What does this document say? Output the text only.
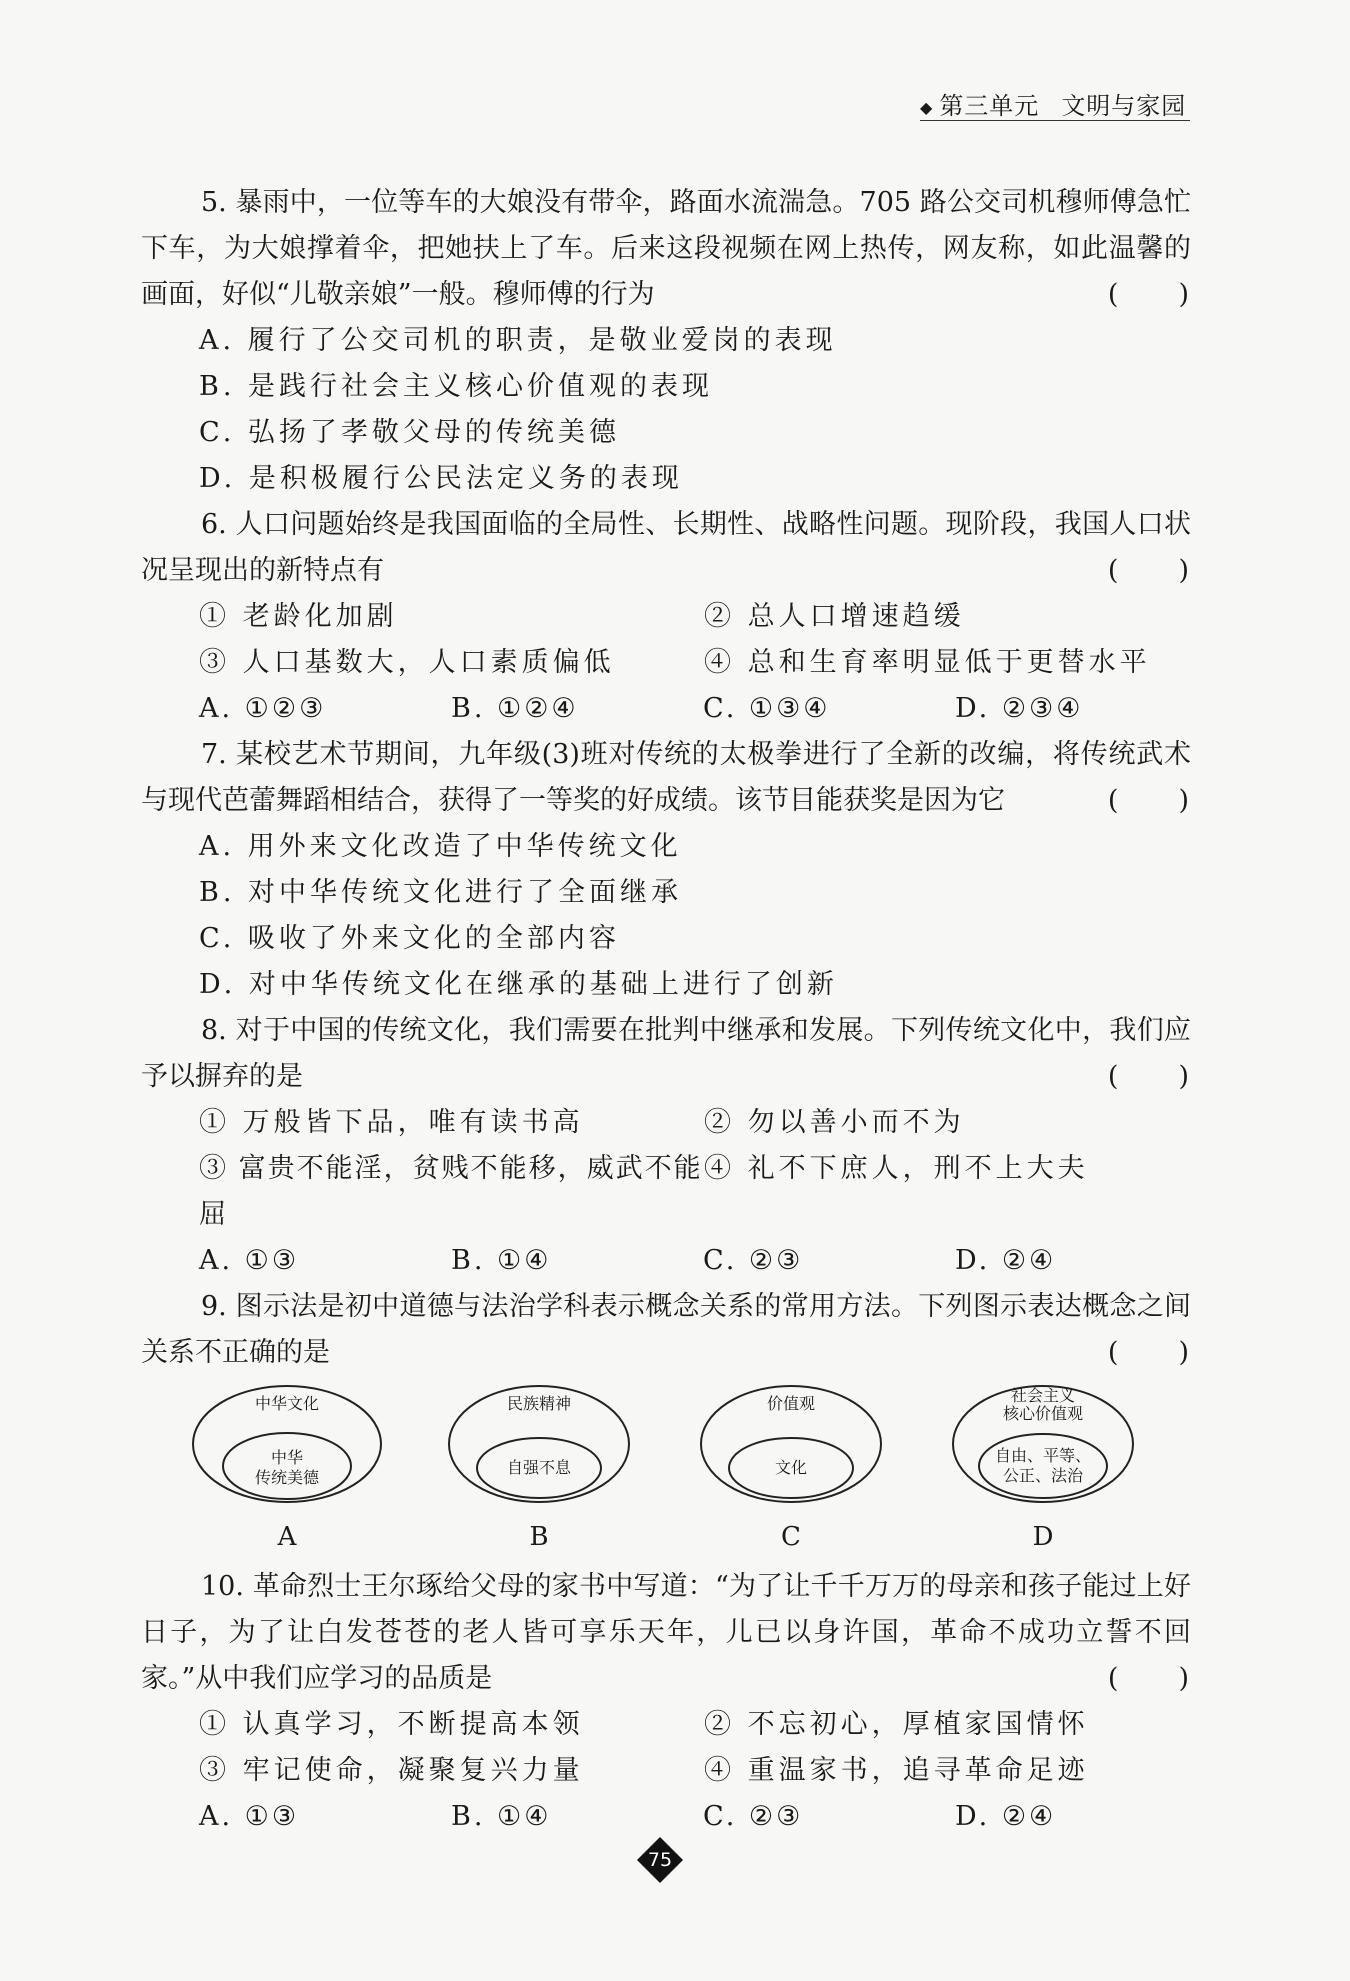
◆ 第三单元 文明与家园
5. 暴雨中，一位等车的大娘没有带伞，路面水流湍急。705 路公交司机穆师傅急忙下车，为大娘撑着伞，把她扶上了车。后来这段视频在网上热传，网友称，如此温馨的画面，好似“儿敬亲娘”一般。穆师傅的行为	(　　)
A. 履行了公交司机的职责，是敬业爱岗的表现
B. 是践行社会主义核心价值观的表现
C. 弘扬了孝敬父母的传统美德
D. 是积极履行公民法定义务的表现
6. 人口问题始终是我国面临的全局性、长期性、战略性问题。现阶段，我国人口状况呈现出的新特点有	(　　)
① 老龄化加剧	② 总人口增速趋缓
③ 人口基数大，人口素质偏低	④ 总和生育率明显低于更替水平
A. ①②③	B. ①②④	C. ①③④	D. ②③④
7. 某校艺术节期间，九年级(3)班对传统的太极拳进行了全新的改编，将传统武术与现代芭蕾舞蹈相结合，获得了一等奖的好成绩。该节目能获奖是因为它	(　　)
A. 用外来文化改造了中华传统文化
B. 对中华传统文化进行了全面继承
C. 吸收了外来文化的全部内容
D. 对中华传统文化在继承的基础上进行了创新
8. 对于中国的传统文化，我们需要在批判中继承和发展。下列传统文化中，我们应予以摒弃的是	(　　)
① 万般皆下品，唯有读书高	② 勿以善小而不为
③ 富贵不能淫，贫贱不能移，威武不能屈
④ 礼不下庶人，刑不上大夫
A. ①③	B. ①④	C. ②③	D. ②④
9. 图示法是初中道德与法治学科表示概念关系的常用方法。下列图示表达概念之间关系不正确的是	(　　)
中华文化
中华
传统美德
A
民族精神
自强不息
B
价值观
文化
C
社会主义
核心价值观
自由、平等、
公正、法治
D
10. 革命烈士王尔琢给父母的家书中写道：“为了让千千万万的母亲和孩子能过上好日子，为了让白发苍苍的老人皆可享乐天年，儿已以身许国，革命不成功立誓不回家。”从中我们应学习的品质是	(　　)
① 认真学习，不断提高本领	② 不忘初心，厚植家国情怀
③ 牢记使命，凝聚复兴力量	④ 重温家书，追寻革命足迹
A. ①③	B. ①④	C. ②③	D. ②④
75
